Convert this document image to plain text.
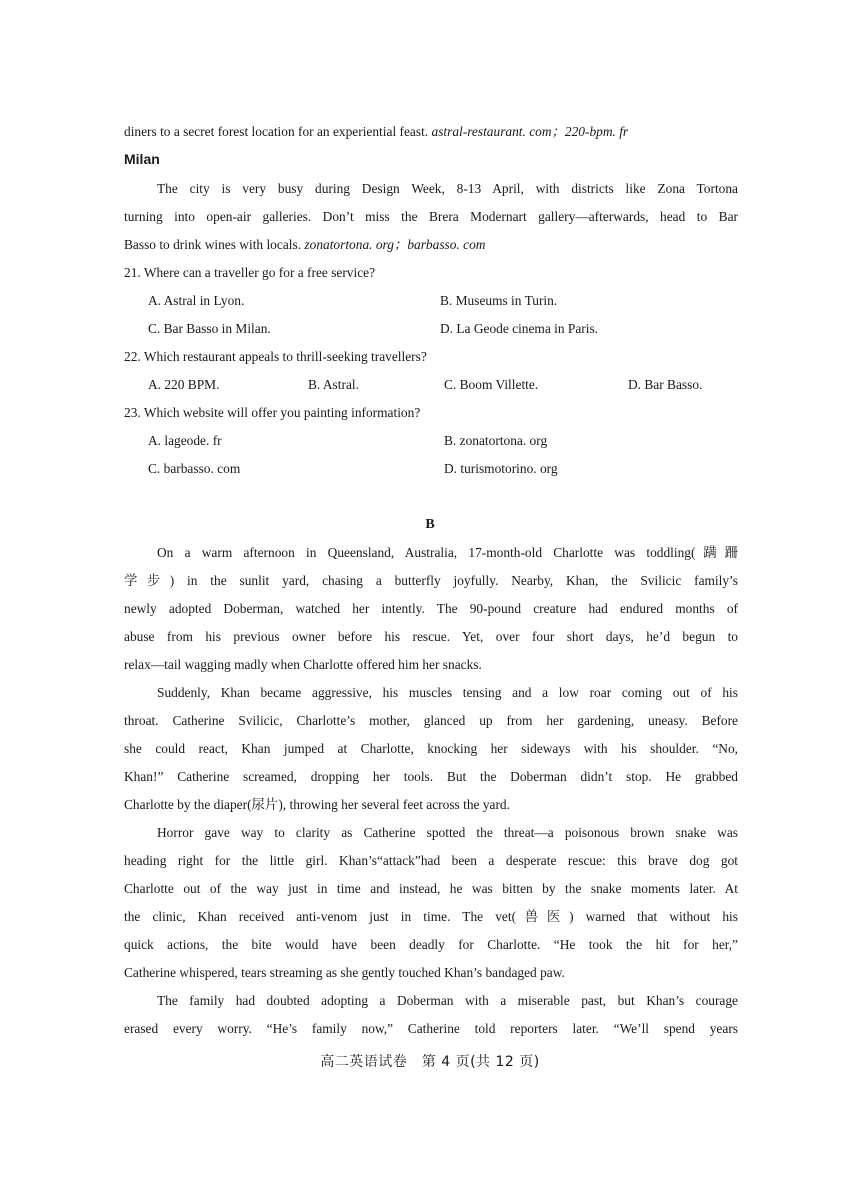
diners to a secret forest location for an experiential feast. astral-restaurant. com；220-bpm. fr
Milan
The city is very busy during Design Week, 8-13 April, with districts like Zona Tortona
turning into open-air galleries. Don’t miss the Brera Modernart gallery—afterwards, head to Bar
Basso to drink wines with locals. zonatortona. org；barbasso. com
21. Where can a traveller go for a free service?
A. Astral in Lyon.	B. Museums in Turin.
C. Bar Basso in Milan.	D. La Geode cinema in Paris.
22. Which restaurant appeals to thrill-seeking travellers?
A. 220 BPM.	B. Astral.	C. Boom Villette.	D. Bar Basso.
23. Which website will offer you painting information?
A. lageode. fr	B. zonatortona. org
C. barbasso. com	D. turismotorino. org
B
On a warm afternoon in Queensland, Australia, 17-month-old Charlotte was toddling(蹒跚
学步) in the sunlit yard, chasing a butterfly joyfully. Nearby, Khan, the Svilicic family’s
newly adopted Doberman, watched her intently. The 90-pound creature had endured months of
abuse from his previous owner before his rescue. Yet, over four short days, he’d begun to
relax—tail wagging madly when Charlotte offered him her snacks.
Suddenly, Khan became aggressive, his muscles tensing and a low roar coming out of his
throat. Catherine Svilicic, Charlotte’s mother, glanced up from her gardening, uneasy. Before
she could react, Khan jumped at Charlotte, knocking her sideways with his shoulder. “No,
Khan!” Catherine screamed, dropping her tools. But the Doberman didn’t stop. He grabbed
Charlotte by the diaper(尿片), throwing her several feet across the yard.
Horror gave way to clarity as Catherine spotted the threat—a poisonous brown snake was
heading right for the little girl. Khan’s“attack”had been a desperate rescue: this brave dog got
Charlotte out of the way just in time and instead, he was bitten by the snake moments later. At
the clinic, Khan received anti-venom just in time. The vet(兽医) warned that without his
quick actions, the bite would have been deadly for Charlotte. “He took the hit for her,”
Catherine whispered, tears streaming as she gently touched Khan’s bandaged paw.
The family had doubted adopting a Doberman with a miserable past, but Khan’s courage
erased every worry. “He’s family now,” Catherine told reporters later. “We’ll spend years
高二英语试卷　第 4 页(共 12 页)
